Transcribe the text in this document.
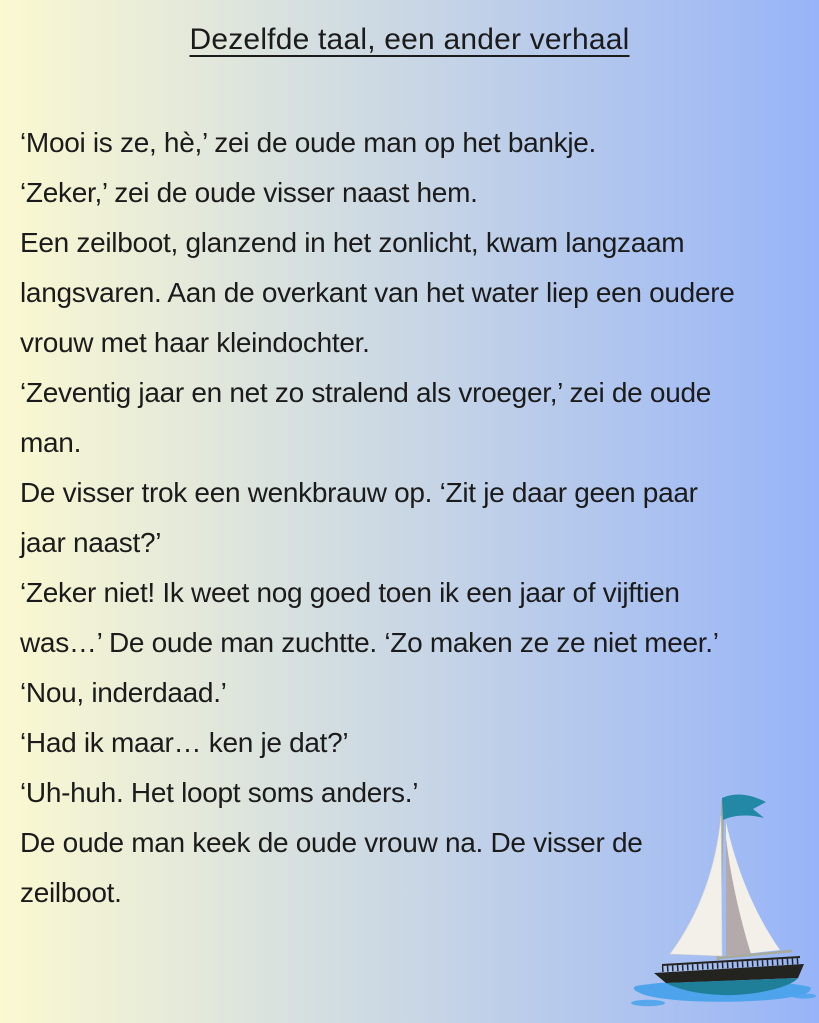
Dezelfde taal, een ander verhaal
‘Mooi is ze, hè,’ zei de oude man op het bankje.
‘Zeker,’ zei de oude visser naast hem.
Een zeilboot, glanzend in het zonlicht, kwam langzaam
langsvaren. Aan de overkant van het water liep een oudere
vrouw met haar kleindochter.
‘Zeventig jaar en net zo stralend als vroeger,’ zei de oude
man.
De visser trok een wenkbrauw op. ‘Zit je daar geen paar
jaar naast?’
‘Zeker niet! Ik weet nog goed toen ik een jaar of vijftien
was…’ De oude man zuchtte. ‘Zo maken ze ze niet meer.’
‘Nou, inderdaad.’
‘Had ik maar… ken je dat?’
‘Uh-huh. Het loopt soms anders.’
De oude man keek de oude vrouw na. De visser de
zeilboot.
